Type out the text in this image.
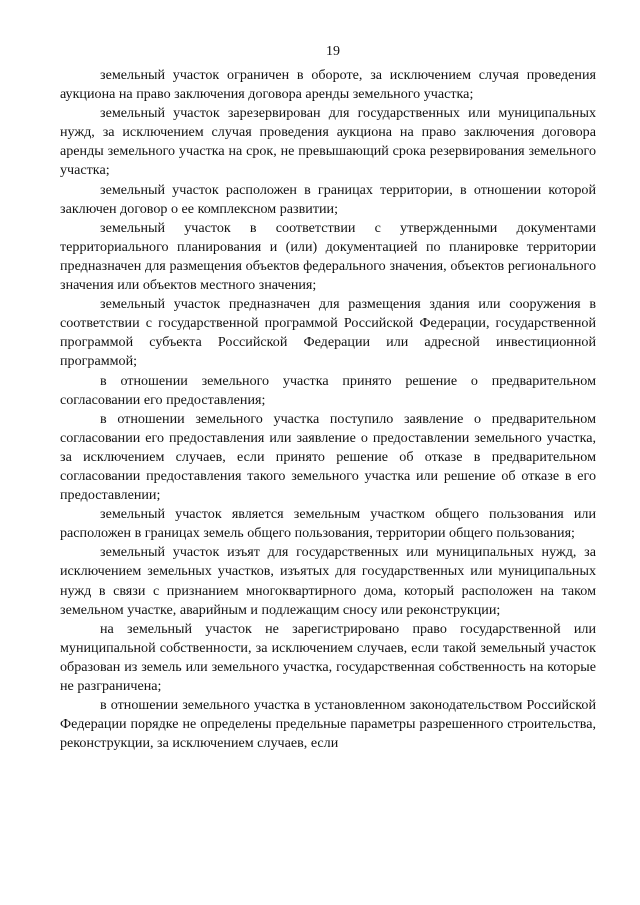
19

земельный участок ограничен в обороте, за исключением случая проведения аукциона на право заключения договора аренды земельного участка;

земельный участок зарезервирован для государственных или муниципальных нужд, за исключением случая проведения аукциона на право заключения договора аренды земельного участка на срок, не превышающий срока резервирования земельного участка;

земельный участок расположен в границах территории, в отношении которой заключен договор о ее комплексном развитии;

земельный участок в соответствии с утвержденными документами территориального планирования и (или) документацией по планировке территории предназначен для размещения объектов федерального значения, объектов регионального значения или объектов местного значения;

земельный участок предназначен для размещения здания или сооружения в соответствии с государственной программой Российской Федерации, государственной программой субъекта Российской Федерации или адресной инвестиционной программой;

в отношении земельного участка принято решение о предварительном согласовании его предоставления;

в отношении земельного участка поступило заявление о предварительном согласовании его предоставления или заявление о предоставлении земельного участка, за исключением случаев, если принято решение об отказе в предварительном согласовании предоставления такого земельного участка или решение об отказе в его предоставлении;

земельный участок является земельным участком общего пользования или расположен в границах земель общего пользования, территории общего пользования;

земельный участок изъят для государственных или муниципальных нужд, за исключением земельных участков, изъятых для государственных или муниципальных нужд в связи с признанием многоквартирного дома, который расположен на таком земельном участке, аварийным и подлежащим сносу или реконструкции;

на земельный участок не зарегистрировано право государственной или муниципальной собственности, за исключением случаев, если такой земельный участок образован из земель или земельного участка, государственная собственность на которые не разграничена;

в отношении земельного участка в установленном законодательством Российской Федерации порядке не определены предельные параметры разрешенного строительства, реконструкции, за исключением случаев, если
